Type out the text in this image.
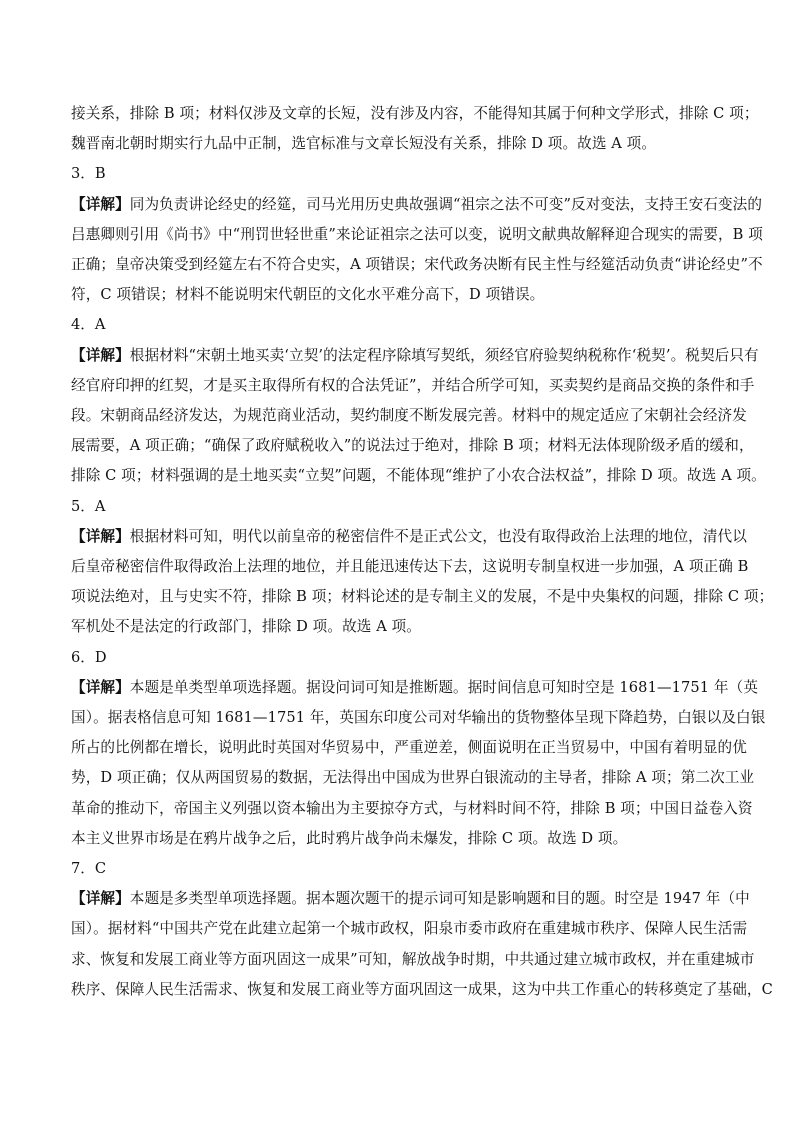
接关系，排除 B 项；材料仅涉及文章的长短，没有涉及内容，不能得知其属于何种文学形式，排除 C 项；
魏晋南北朝时期实行九品中正制，选官标准与文章长短没有关系，排除 D 项。故选 A 项。
3．B
【详解】同为负责讲论经史的经筵，司马光用历史典故强调“祖宗之法不可变”反对变法，支持王安石变法的
吕惠卿则引用《尚书》中“刑罚世轻世重”来论证祖宗之法可以变，说明文献典故解释迎合现实的需要，B 项
正确；皇帝决策受到经筵左右不符合史实，A 项错误；宋代政务决断有民主性与经筵活动负责“讲论经史”不
符，C 项错误；材料不能说明宋代朝臣的文化水平难分高下，D 项错误。
4．A
【详解】根据材料“宋朝土地买卖‘立契’的法定程序除填写契纸，须经官府验契纳税称作‘税契’。税契后只有
经官府印押的红契，才是买主取得所有权的合法凭证”，并结合所学可知，买卖契约是商品交换的条件和手
段。宋朝商品经济发达，为规范商业活动，契约制度不断发展完善。材料中的规定适应了宋朝社会经济发
展需要，A 项正确；“确保了政府赋税收入”的说法过于绝对，排除 B 项；材料无法体现阶级矛盾的缓和，
排除 C 项；材料强调的是土地买卖“立契”问题，不能体现“维护了小农合法权益”，排除 D 项。故选 A 项。
5．A
【详解】根据材料可知，明代以前皇帝的秘密信件不是正式公文，也没有取得政治上法理的地位，清代以
后皇帝秘密信件取得政治上法理的地位，并且能迅速传达下去，这说明专制皇权进一步加强，A 项正确 B
项说法绝对，且与史实不符，排除 B 项；材料论述的是专制主义的发展，不是中央集权的问题，排除 C 项；
军机处不是法定的行政部门，排除 D 项。故选 A 项。
6．D
【详解】本题是单类型单项选择题。据设问词可知是推断题。据时间信息可知时空是 1681—1751 年（英
国）。据表格信息可知 1681—1751 年，英国东印度公司对华输出的货物整体呈现下降趋势，白银以及白银
所占的比例都在增长，说明此时英国对华贸易中，严重逆差，侧面说明在正当贸易中，中国有着明显的优
势，D 项正确；仅从两国贸易的数据，无法得出中国成为世界白银流动的主导者，排除 A 项；第二次工业
革命的推动下，帝国主义列强以资本输出为主要掠夺方式，与材料时间不符，排除 B 项；中国日益卷入资
本主义世界市场是在鸦片战争之后，此时鸦片战争尚未爆发，排除 C 项。故选 D 项。
7．C
【详解】本题是多类型单项选择题。据本题次题干的提示词可知是影响题和目的题。时空是 1947 年（中
国）。据材料“中国共产党在此建立起第一个城市政权，阳泉市委市政府在重建城市秩序、保障人民生活需
求、恢复和发展工商业等方面巩固这一成果”可知，解放战争时期，中共通过建立城市政权，并在重建城市
秩序、保障人民生活需求、恢复和发展工商业等方面巩固这一成果，这为中共工作重心的转移奠定了基础，C
